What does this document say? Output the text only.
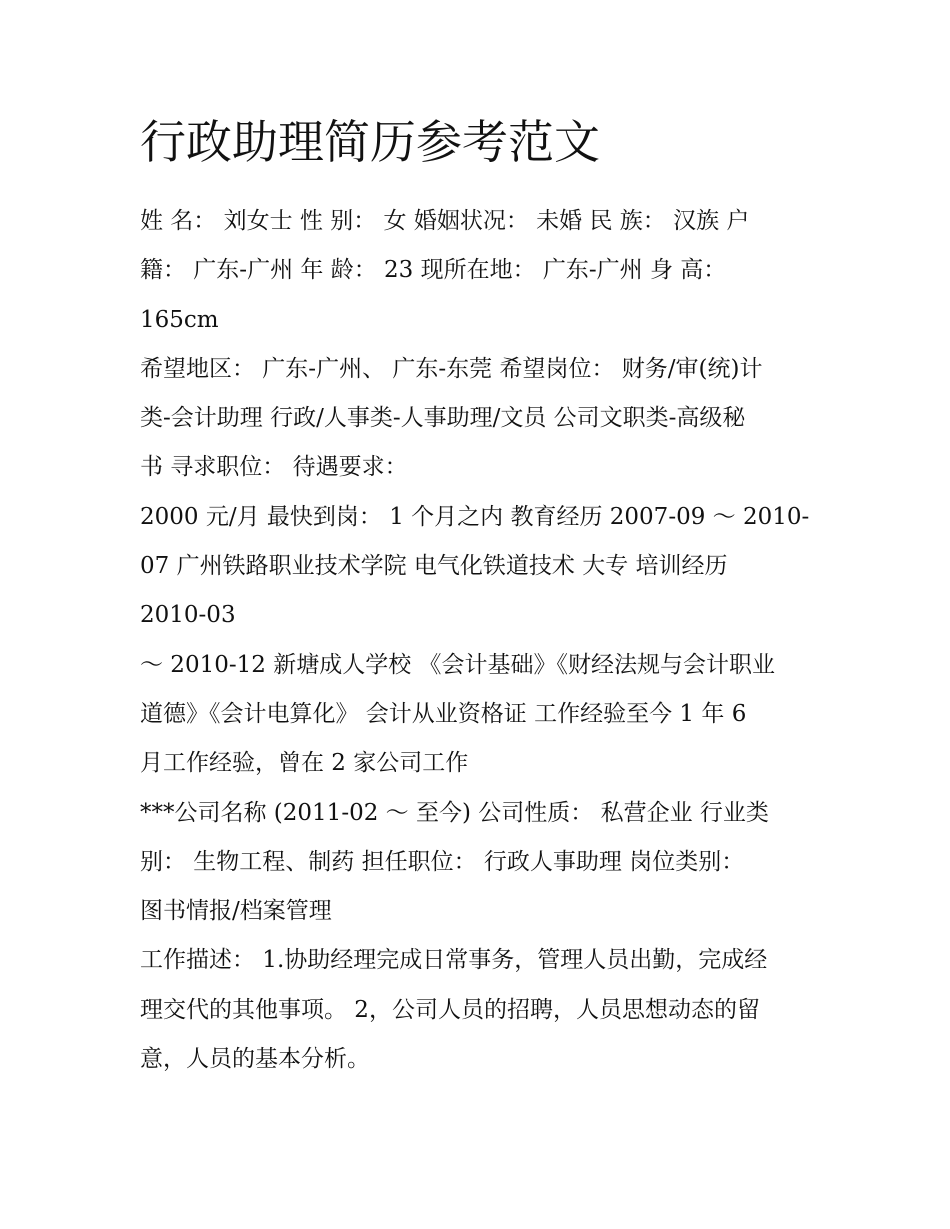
行政助理简历参考范文
姓 名： 刘女士 性 别： 女 婚姻状况： 未婚 民 族： 汉族 户
籍： 广东-广州 年 龄： 23 现所在地： 广东-广州 身 高：
165cm
希望地区： 广东-广州、 广东-东莞 希望岗位： 财务/审(统)计
类-会计助理 行政/人事类-人事助理/文员 公司文职类-高级秘
书 寻求职位： 待遇要求：
2000 元/月 最快到岗： 1 个月之内 教育经历 2007-09 ～ 2010-
07 广州铁路职业技术学院 电气化铁道技术 大专 培训经历
2010-03
～ 2010-12 新塘成人学校 《会计基础》《财经法规与会计职业
道德》《会计电算化》 会计从业资格证 工作经验至今 1 年 6
月工作经验，曾在 2 家公司工作
***公司名称 (2011-02 ～ 至今) 公司性质： 私营企业 行业类
别： 生物工程、制药 担任职位： 行政人事助理 岗位类别：
图书情报/档案管理
工作描述： 1.协助经理完成日常事务，管理人员出勤，完成经
理交代的其他事项。 2，公司人员的招聘，人员思想动态的留
意，人员的基本分析。
